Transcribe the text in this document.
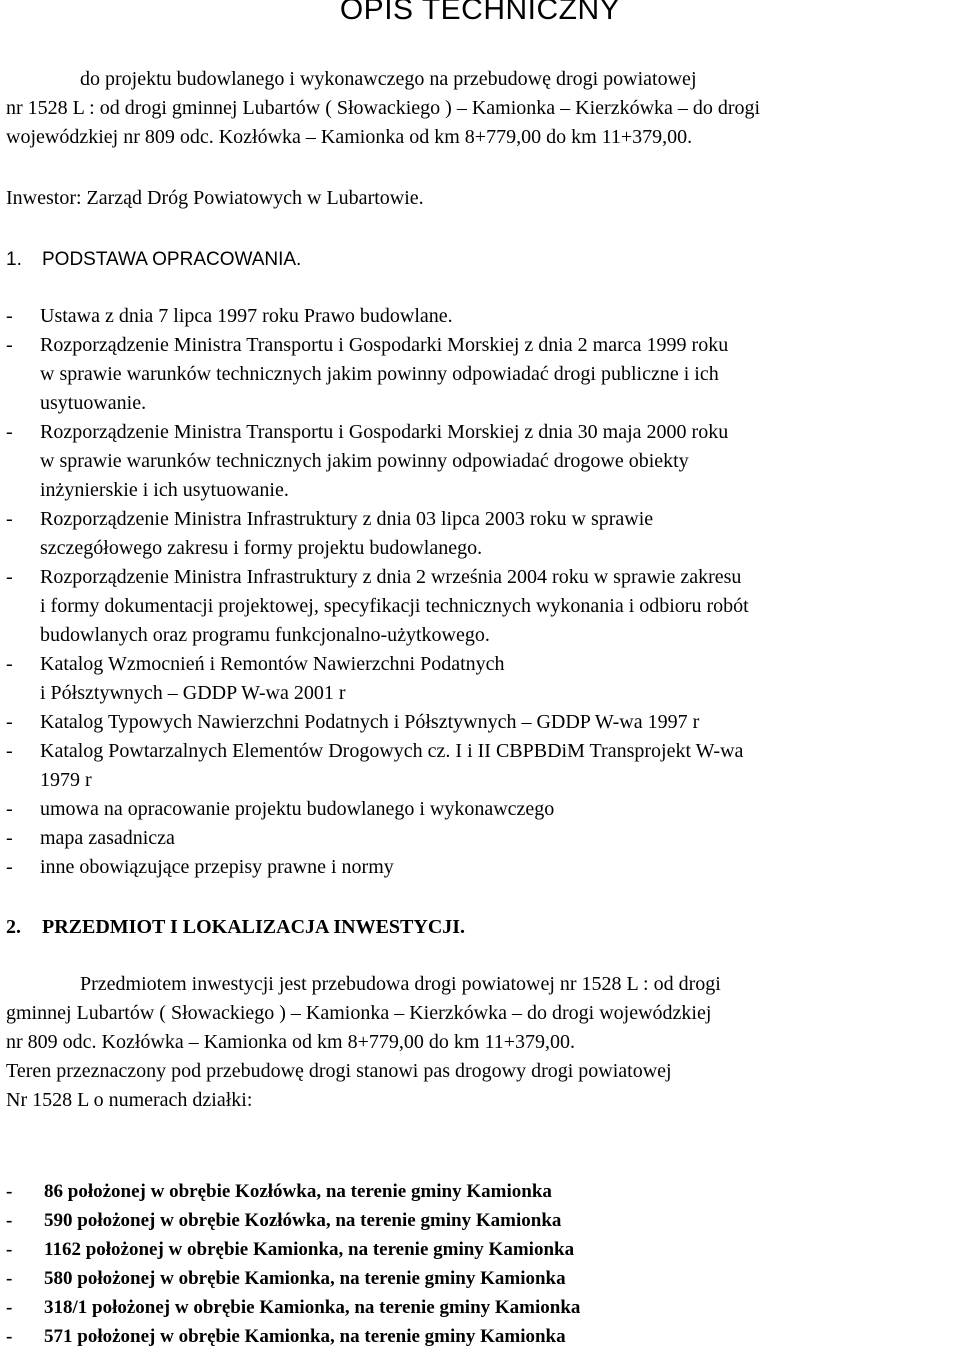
OPIS TECHNICZNY
do projektu budowlanego i wykonawczego na przebudowę drogi powiatowej
nr 1528 L : od drogi gminnej Lubartów ( Słowackiego ) – Kamionka – Kierzkówka – do drogi
wojewódzkiej nr 809 odc. Kozłówka – Kamionka od km 8+779,00 do km 11+379,00.
Inwestor: Zarząd Dróg Powiatowych w Lubartowie.
1. PODSTAWA OPRACOWANIA.
- Ustawa z dnia 7 lipca 1997 roku Prawo budowlane.
- Rozporządzenie Ministra Transportu i Gospodarki Morskiej z dnia 2 marca 1999 roku
w sprawie warunków technicznych jakim powinny odpowiadać drogi publiczne i ich
usytuowanie.
- Rozporządzenie Ministra Transportu i Gospodarki Morskiej z dnia 30 maja 2000 roku
w sprawie warunków technicznych jakim powinny odpowiadać drogowe obiekty
inżynierskie i ich usytuowanie.
- Rozporządzenie Ministra Infrastruktury z dnia 03 lipca 2003 roku w sprawie
szczegółowego zakresu i formy projektu budowlanego.
- Rozporządzenie Ministra Infrastruktury z dnia 2 września 2004 roku w sprawie zakresu
i formy dokumentacji projektowej, specyfikacji technicznych wykonania i odbioru robót
budowlanych oraz programu funkcjonalno-użytkowego.
- Katalog Wzmocnień i Remontów Nawierzchni Podatnych
i Półsztywnych – GDDP W-wa 2001 r
- Katalog Typowych Nawierzchni Podatnych i Półsztywnych – GDDP W-wa 1997 r
- Katalog Powtarzalnych Elementów Drogowych cz. I i II CBPBDiM Transprojekt W-wa
1979 r
- umowa na opracowanie projektu budowlanego i wykonawczego
- mapa zasadnicza
- inne obowiązujące przepisy prawne i normy
2. PRZEDMIOT I LOKALIZACJA INWESTYCJI.
Przedmiotem inwestycji jest przebudowa drogi powiatowej nr 1528 L : od drogi
gminnej Lubartów ( Słowackiego ) – Kamionka – Kierzkówka – do drogi wojewódzkiej
nr 809 odc. Kozłówka – Kamionka od km 8+779,00 do km 11+379,00.
Teren przeznaczony pod przebudowę drogi stanowi pas drogowy drogi powiatowej
Nr 1528 L o numerach działki:
- 86 położonej w obrębie Kozłówka, na terenie gminy Kamionka
- 590 położonej w obrębie Kozłówka, na terenie gminy Kamionka
- 1162 położonej w obrębie Kamionka, na terenie gminy Kamionka
- 580 położonej w obrębie Kamionka, na terenie gminy Kamionka
- 318/1 położonej w obrębie Kamionka, na terenie gminy Kamionka
- 571 położonej w obrębie Kamionka, na terenie gminy Kamionka
